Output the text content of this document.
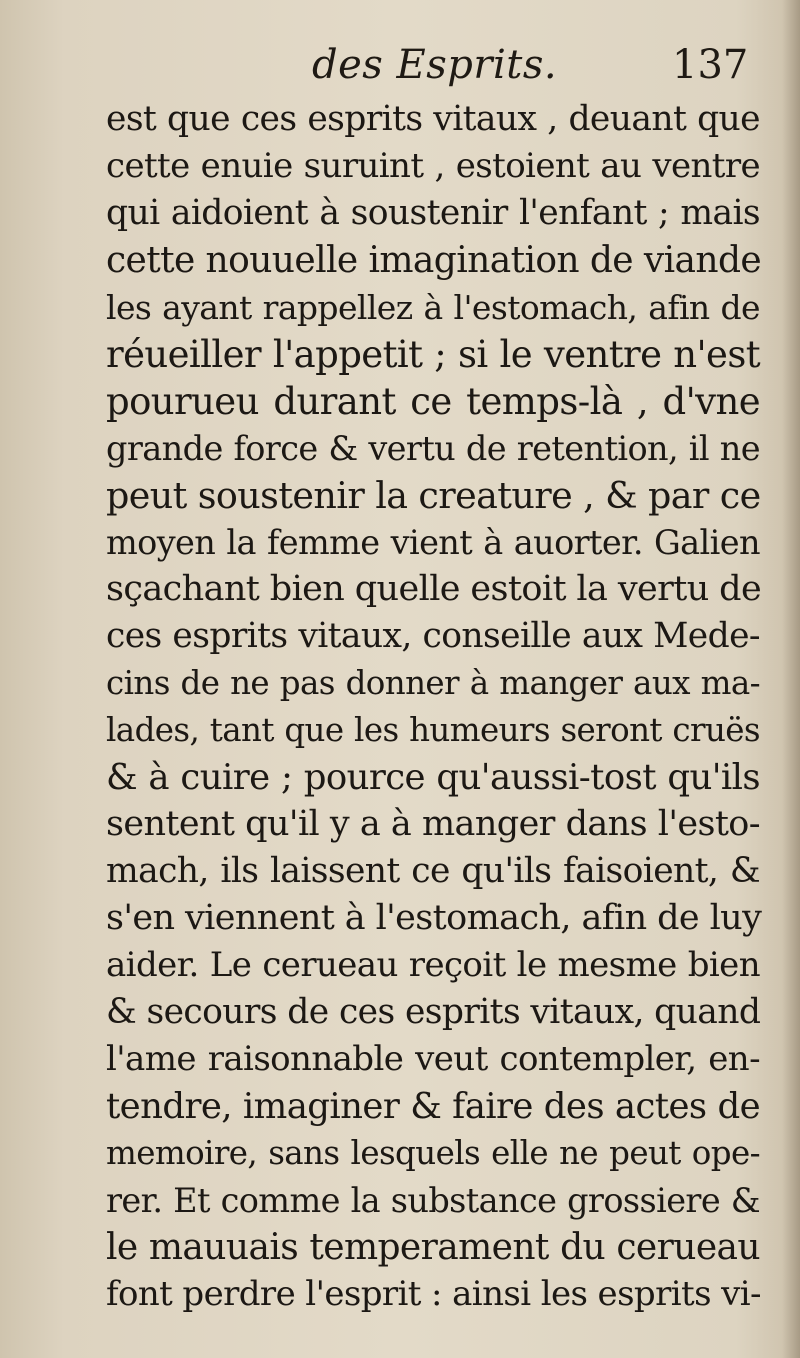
des Esprits.	137
est que ces esprits vitaux , deuant que
cette enuie suruint , estoient au ventre
qui aidoient à soustenir l'enfant ; mais
cette nouuelle imagination de viande
les ayant rappellez à l'estomach, afin de
réueiller l'appetit ; si le ventre n'est
pourueu durant ce temps-là , d'vne
grande force & vertu de retention, il ne
peut soustenir la creature , & par ce
moyen la femme vient à auorter. Galien
sçachant bien quelle estoit la vertu de
ces esprits vitaux, conseille aux Mede-
cins de ne pas donner à manger aux ma-
lades, tant que les humeurs seront cruës
& à cuire ; pource qu'aussi-tost qu'ils
sentent qu'il y a à manger dans l'esto-
mach, ils laissent ce qu'ils faisoient, &
s'en viennent à l'estomach, afin de luy
aider. Le cerueau reçoit le mesme bien
& secours de ces esprits vitaux, quand
l'ame raisonnable veut contempler, en-
tendre, imaginer & faire des actes de
memoire, sans lesquels elle ne peut ope-
rer. Et comme la substance grossiere &
le mauuais temperament du cerueau
font perdre l'esprit : ainsi les esprits vi-
